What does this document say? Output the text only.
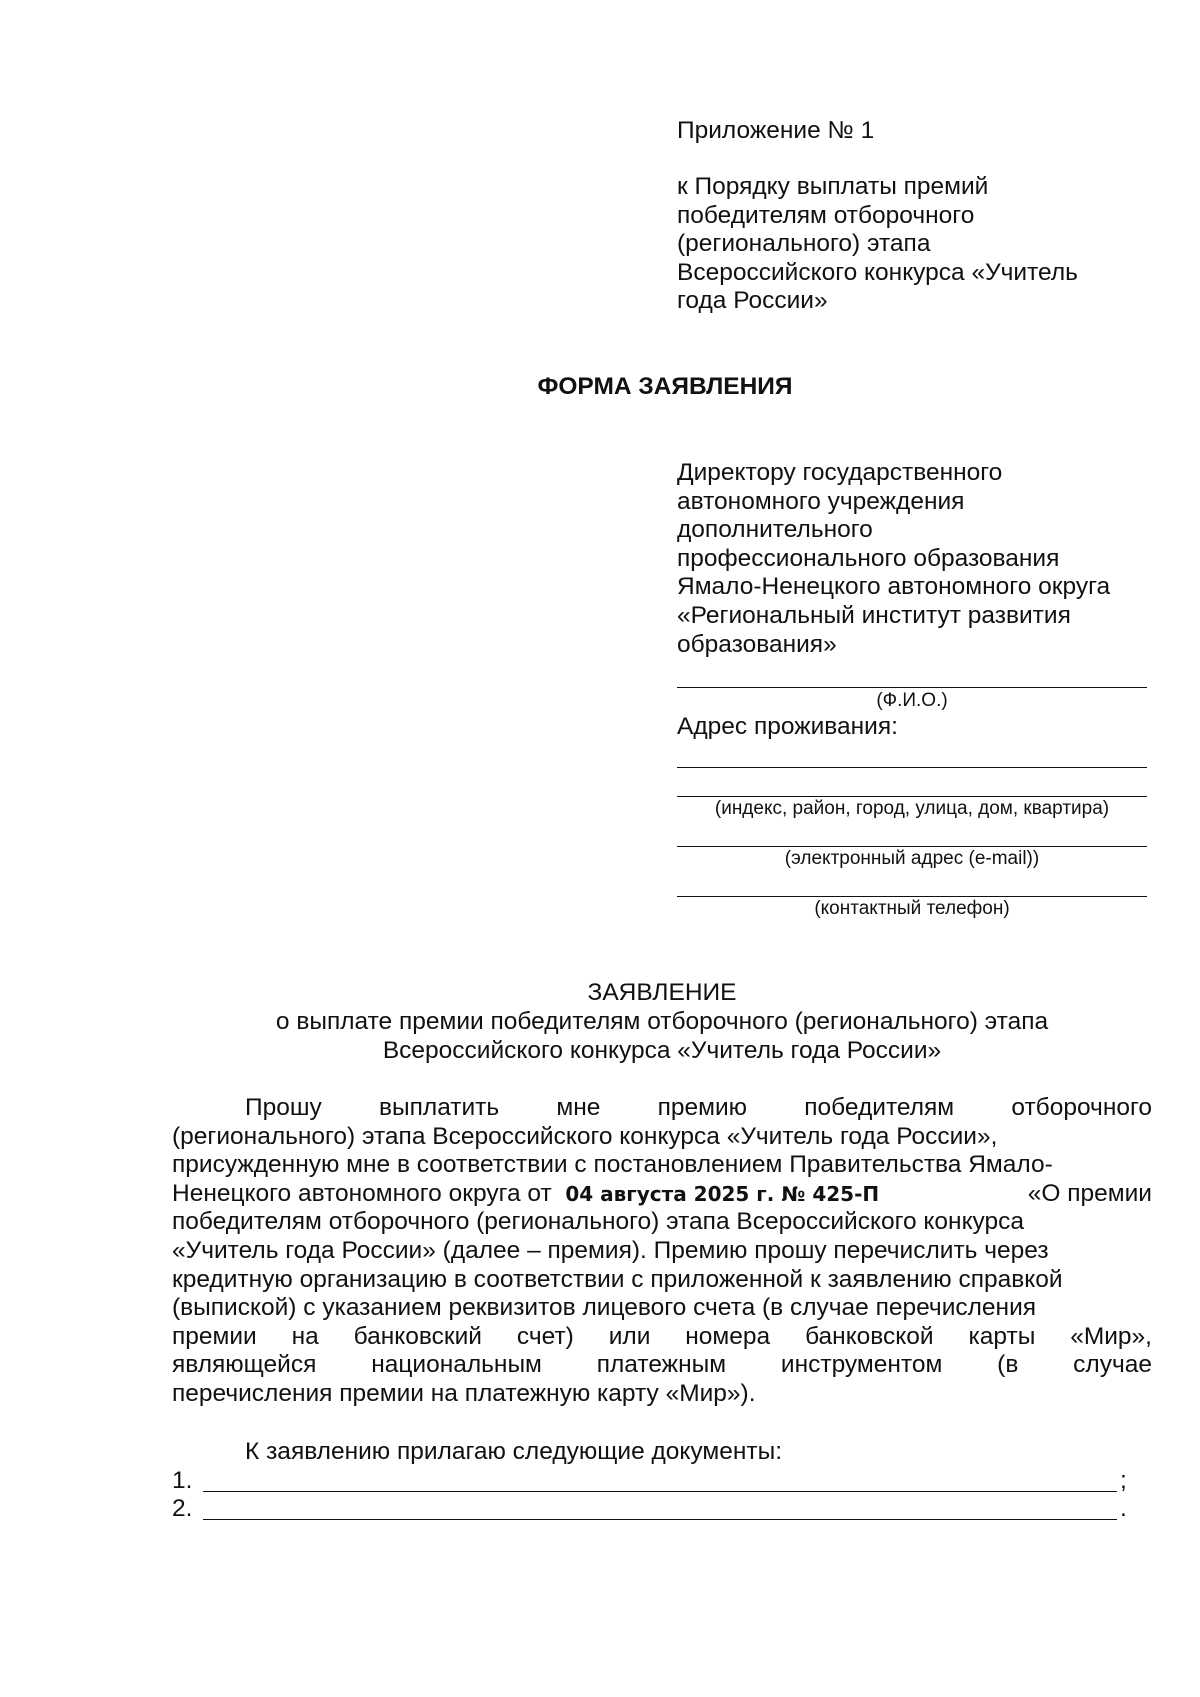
Приложение № 1
к Порядку выплаты премий
победителям отборочного
(регионального) этапа
Всероссийского конкурса «Учитель
года России»
ФОРМА ЗАЯВЛЕНИЯ
Директору государственного
автономного учреждения
дополнительного
профессионального образования
Ямало-Ненецкого автономного округа
«Региональный институт развития
образования»
(Ф.И.О.)
Адрес проживания:
(индекс, район, город, улица, дом, квартира)
(электронный адрес (e-mail))
(контактный телефон)
ЗАЯВЛЕНИЕ
о выплате премии победителям отборочного (регионального) этапа
Всероссийского конкурса «Учитель года России»
Прошу выплатить мне премию победителям отборочного
(регионального) этапа Всероссийского конкурса «Учитель года России»,
присужденную мне в соответствии с постановлением Правительства Ямало-
Ненецкого автономного округа от 04 августа 2025 г. № 425-П	«О премии
победителям отборочного (регионального) этапа Всероссийского конкурса
«Учитель года России» (далее – премия). Премию прошу перечислить через
кредитную организацию в соответствии с приложенной к заявлению справкой
(выпиской) с указанием реквизитов лицевого счета (в случае перечисления
премии на банковский счет) или номера банковской карты «Мир»,
являющейся национальным платежным инструментом (в случае
перечисления премии на платежную карту «Мир»).
К заявлению прилагаю следующие документы:
1.	;
2.	.
